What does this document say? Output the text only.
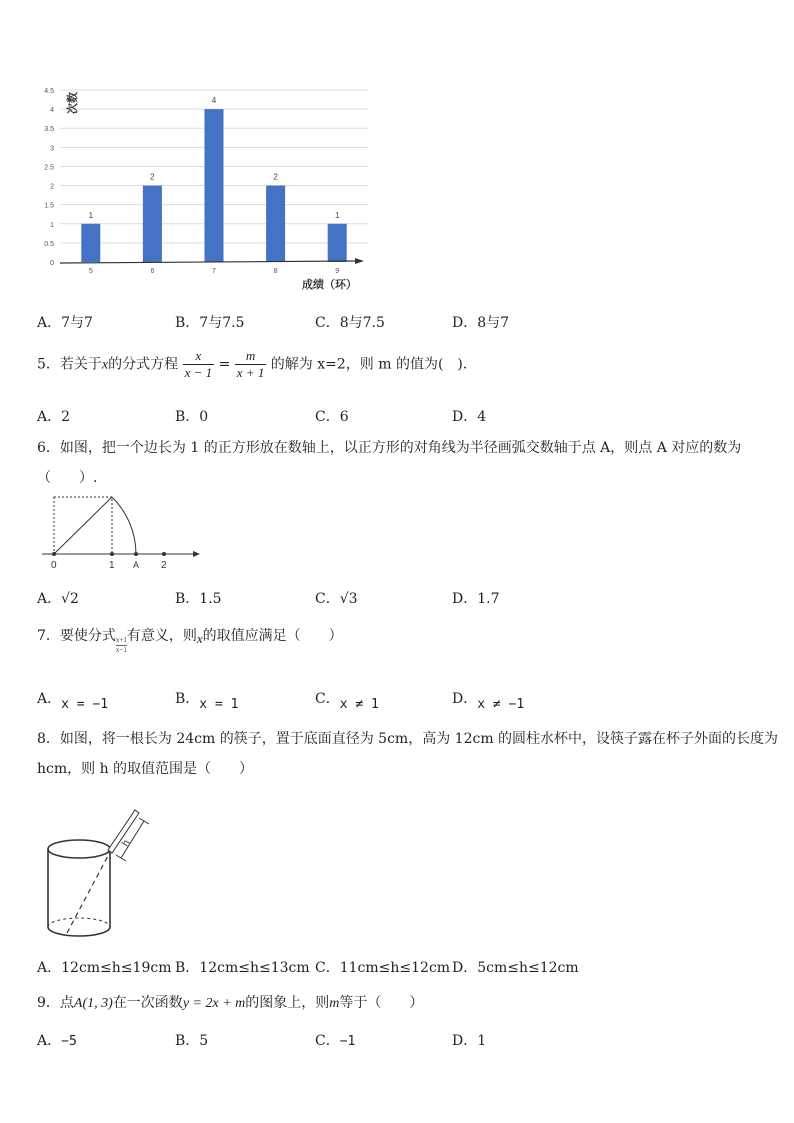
0
0.5
1
1.5
2
2.5
3
3.5
4
4.5
1
2
4
2
1
5	6	7	8	9
次数
成绩（环）
A．7与7	B．7与7.5	C．8与7.5	D．8与7
5．若关于x的分式方程 $\frac{x}{x - 1} = \frac{m}{x + 1}$ 的解为 x=2，则 m 的值为(　)．
A．2	B．0	C．6	D．4
6．如图，把一个边长为 1 的正方形放在数轴上，以正方形的对角线为半径画弧交数轴于点 A，则点 A 对应的数为
（　　）.
0	1 A 2
A．√2	B．1.5	C．√3	D．1.7
7．要使分式 $\frac{x+1}{x-1}$ 有意义，则x的取值应满足（　　）
A．x = −1	B．x = 1	C．x ≠ 1	D．x ≠ −1
8．如图，将一根长为 24cm 的筷子，置于底面直径为 5cm，高为 12cm 的圆柱水杯中，设筷子露在杯子外面的长度为
hcm，则 h 的取值范围是（　　）
h
A．12cm≤h≤19cm B．12cm≤h≤13cm C．11cm≤h≤12cm D．5cm≤h≤12cm
9．点A(1, 3)在一次函数y = 2x + m的图象上，则m等于（　　）
A．−5	B．5	C．−1	D．1
